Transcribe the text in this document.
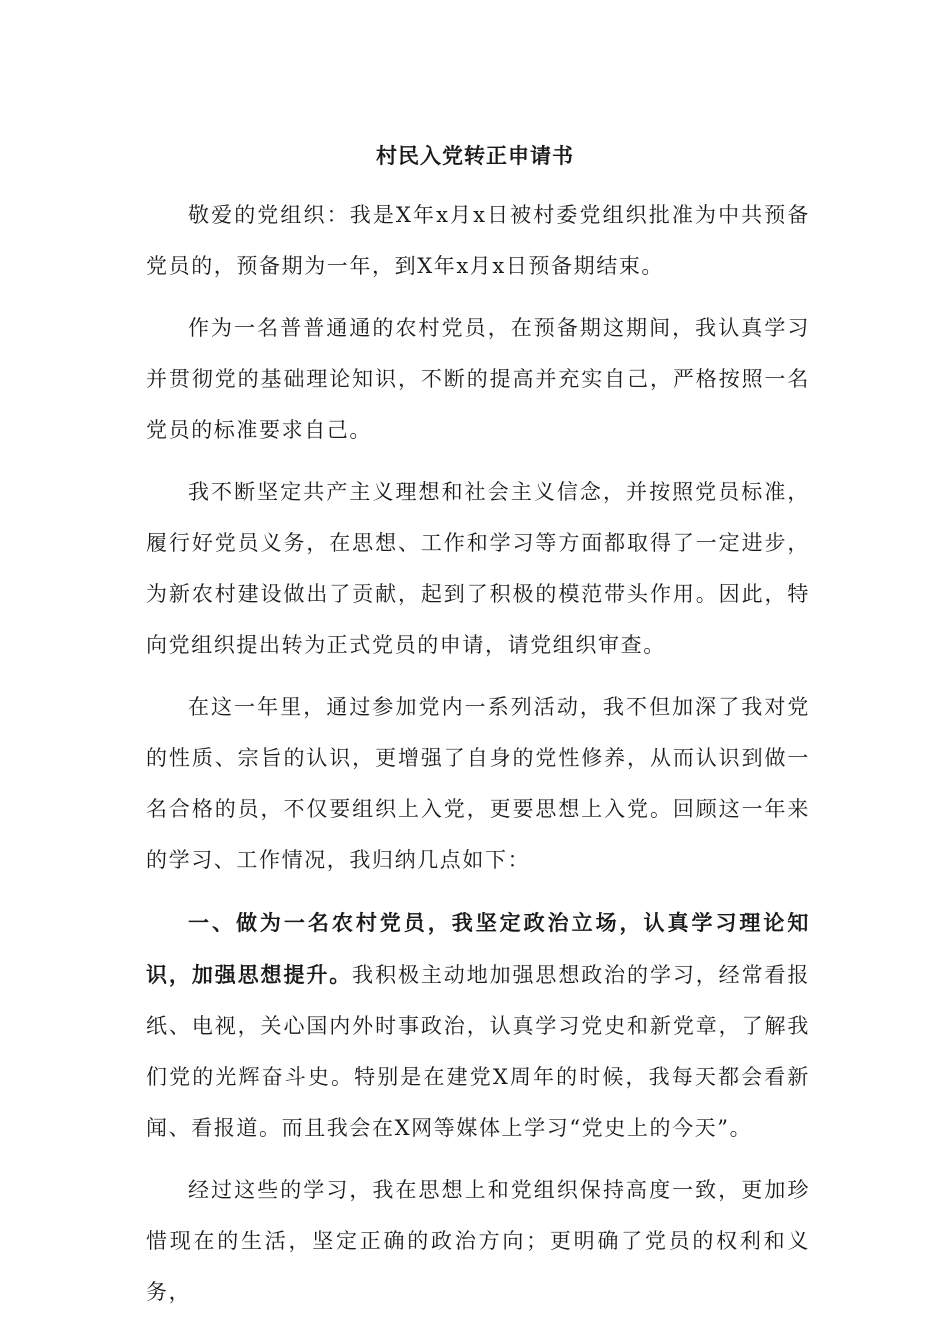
村民入党转正申请书

敬爱的党组织：我是X年x月x日被村委党组织批准为中共预备党员的，预备期为一年，到X年x月x日预备期结束。

作为一名普普通通的农村党员，在预备期这期间，我认真学习并贯彻党的基础理论知识，不断的提高并充实自己，严格按照一名党员的标准要求自己。

我不断坚定共产主义理想和社会主义信念，并按照党员标准，履行好党员义务，在思想、工作和学习等方面都取得了一定进步，为新农村建设做出了贡献，起到了积极的模范带头作用。因此，特向党组织提出转为正式党员的申请，请党组织审查。

在这一年里，通过参加党内一系列活动，我不但加深了我对党的性质、宗旨的认识，更增强了自身的党性修养，从而认识到做一名合格的员，不仅要组织上入党，更要思想上入党。回顾这一年来的学习、工作情况，我归纳几点如下：

一、做为一名农村党员，我坚定政治立场，认真学习理论知识，加强思想提升。我积极主动地加强思想政治的学习，经常看报纸、电视，关心国内外时事政治，认真学习党史和新党章，了解我们党的光辉奋斗史。特别是在建党X周年的时候，我每天都会看新闻、看报道。而且我会在X网等媒体上学习“党史上的今天”。

经过这些的学习，我在思想上和党组织保持高度一致，更加珍惜现在的生活，坚定正确的政治方向；更明确了党员的权利和义务，
